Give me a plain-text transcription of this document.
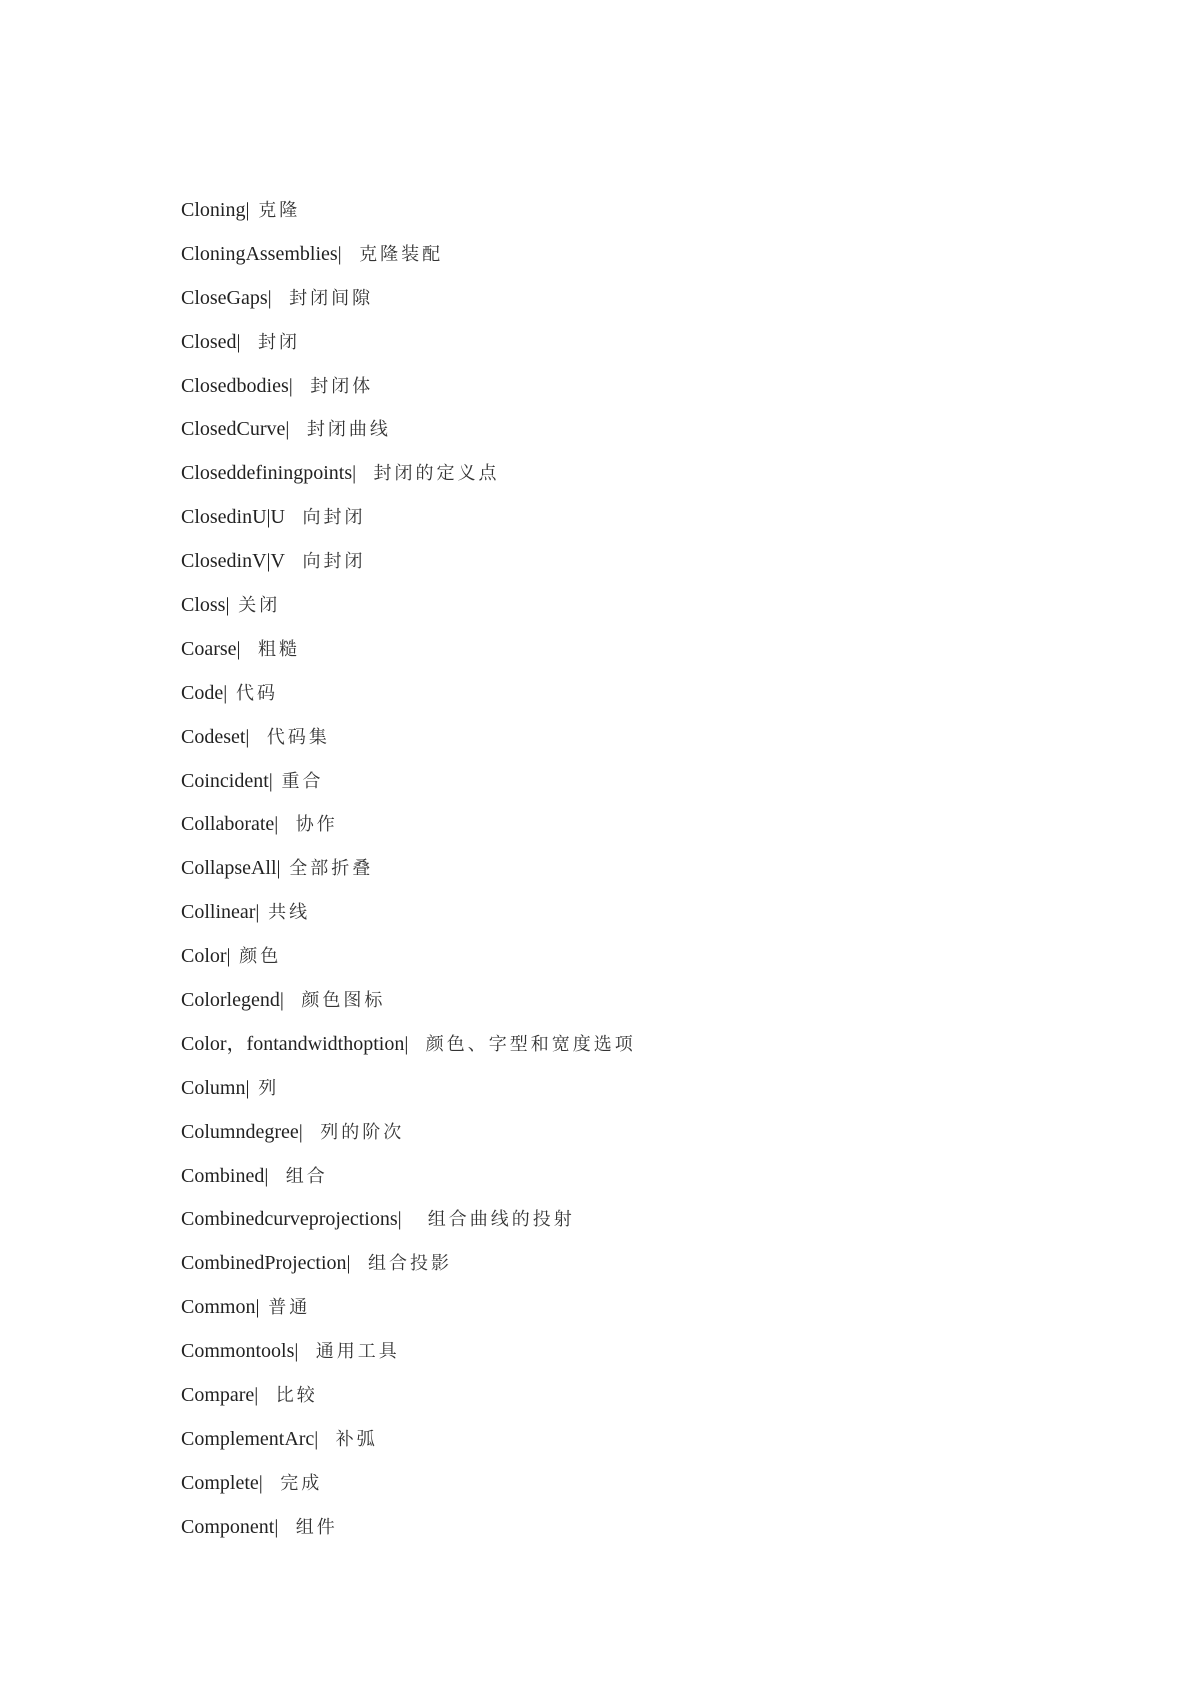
Cloning| 克隆
CloningAssemblies|  克隆装配
CloseGaps|  封闭间隙
Closed|  封闭
Closedbodies|  封闭体
ClosedCurve|  封闭曲线
Closeddefiningpoints|  封闭的定义点
ClosedinU|U  向封闭
ClosedinV|V  向封闭
Closs| 关闭
Coarse|  粗糙
Code| 代码
Codeset|  代码集
Coincident| 重合
Collaborate|  协作
CollapseAll| 全部折叠
Collinear| 共线
Color| 颜色
Colorlegend|  颜色图标
Color，fontandwidthoption|  颜色、字型和宽度选项
Column| 列
Columndegree|  列的阶次
Combined|  组合
Combinedcurveprojections|   组合曲线的投射
CombinedProjection|  组合投影
Common| 普通
Commontools|  通用工具
Compare|  比较
ComplementArc|  补弧
Complete|  完成
Component|  组件
